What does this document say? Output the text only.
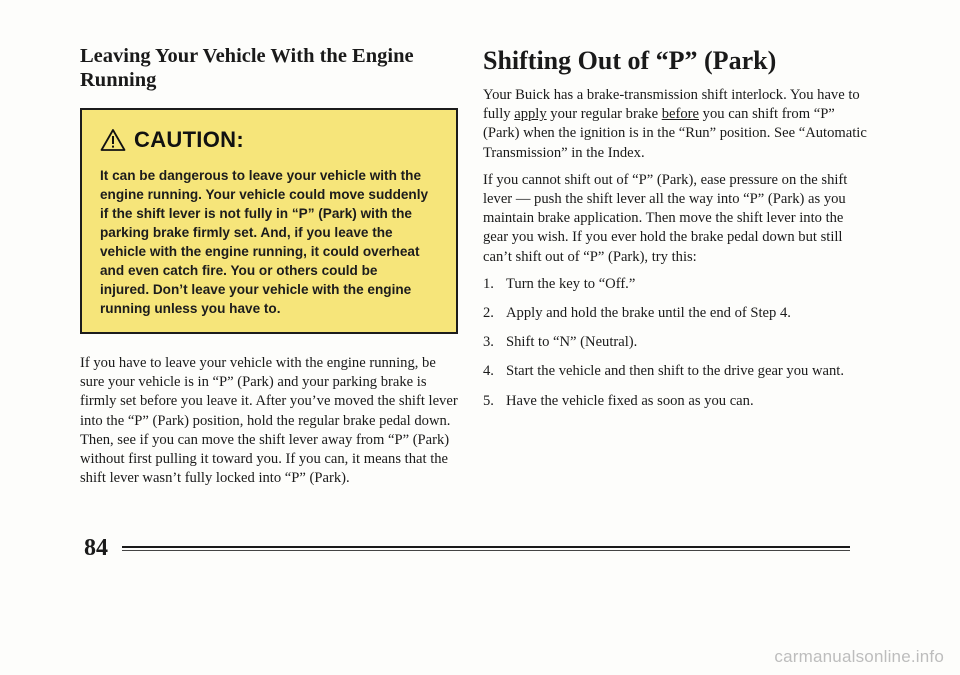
Leaving Your Vehicle With the Engine Running
CAUTION:

It can be dangerous to leave your vehicle with the engine running. Your vehicle could move suddenly if the shift lever is not fully in “P” (Park) with the parking brake firmly set. And, if you leave the vehicle with the engine running, it could overheat and even catch fire. You or others could be injured. Don’t leave your vehicle with the engine running unless you have to.

If you have to leave your vehicle with the engine running, be sure your vehicle is in “P” (Park) and your parking brake is firmly set before you leave it. After you’ve moved the shift lever into the “P” (Park) position, hold the regular brake pedal down. Then, see if you can move the shift lever away from “P” (Park) without first pulling it toward you. If you can, it means that the shift lever wasn’t fully locked into “P” (Park).

Shifting Out of “P” (Park)

Your Buick has a brake-transmission shift interlock. You have to fully apply your regular brake before you can shift from “P” (Park) when the ignition is in the “Run” position. See “Automatic Transmission” in the Index.

If you cannot shift out of “P” (Park), ease pressure on the shift lever — push the shift lever all the way into “P” (Park) as you maintain brake application. Then move the shift lever into the gear you wish. If you ever hold the brake pedal down but still can’t shift out of “P” (Park), try this:

1. Turn the key to “Off.”
2. Apply and hold the brake until the end of Step 4.
3. Shift to “N” (Neutral).
4. Start the vehicle and then shift to the drive gear you want.
5. Have the vehicle fixed as soon as you can.
84
carmanualsonline.info
